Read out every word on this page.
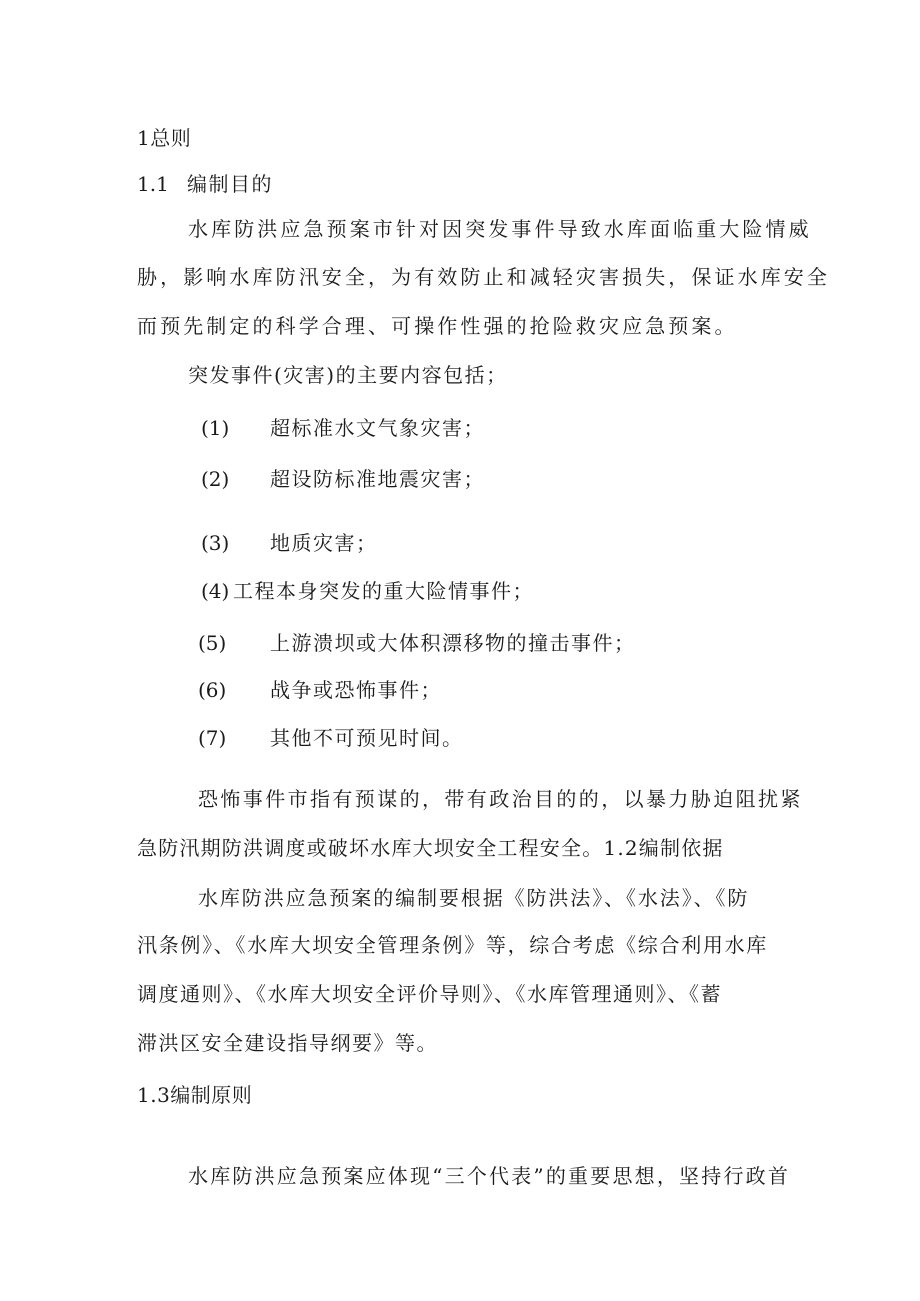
1总则
1.1 编制目的
水库防洪应急预案市针对因突发事件导致水库面临重大险情威
胁，影响水库防汛安全，为有效防止和减轻灾害损失，保证水库安全
而预先制定的科学合理、可操作性强的抢险救灾应急预案。
突发事件(灾害)的主要内容包括；
(1) 超标准水文气象灾害；
(2) 超设防标准地震灾害；
(3) 地质灾害；
(4) 工程本身突发的重大险情事件；
(5) 上游溃坝或大体积漂移物的撞击事件；
(6) 战争或恐怖事件；
(7) 其他不可预见时间。
恐怖事件市指有预谋的，带有政治目的的，以暴力胁迫阻扰紧
急防汛期防洪调度或破坏水库大坝安全工程安全。1.2编制依据
水库防洪应急预案的编制要根据《防洪法》、《水法》、《防
汛条例》、《水库大坝安全管理条例》等，综合考虑《综合利用水库
调度通则》、《水库大坝安全评价导则》、《水库管理通则》、《蓄
滞洪区安全建设指导纲要》等。
1.3编制原则
水库防洪应急预案应体现“三个代表”的重要思想，坚持行政首
